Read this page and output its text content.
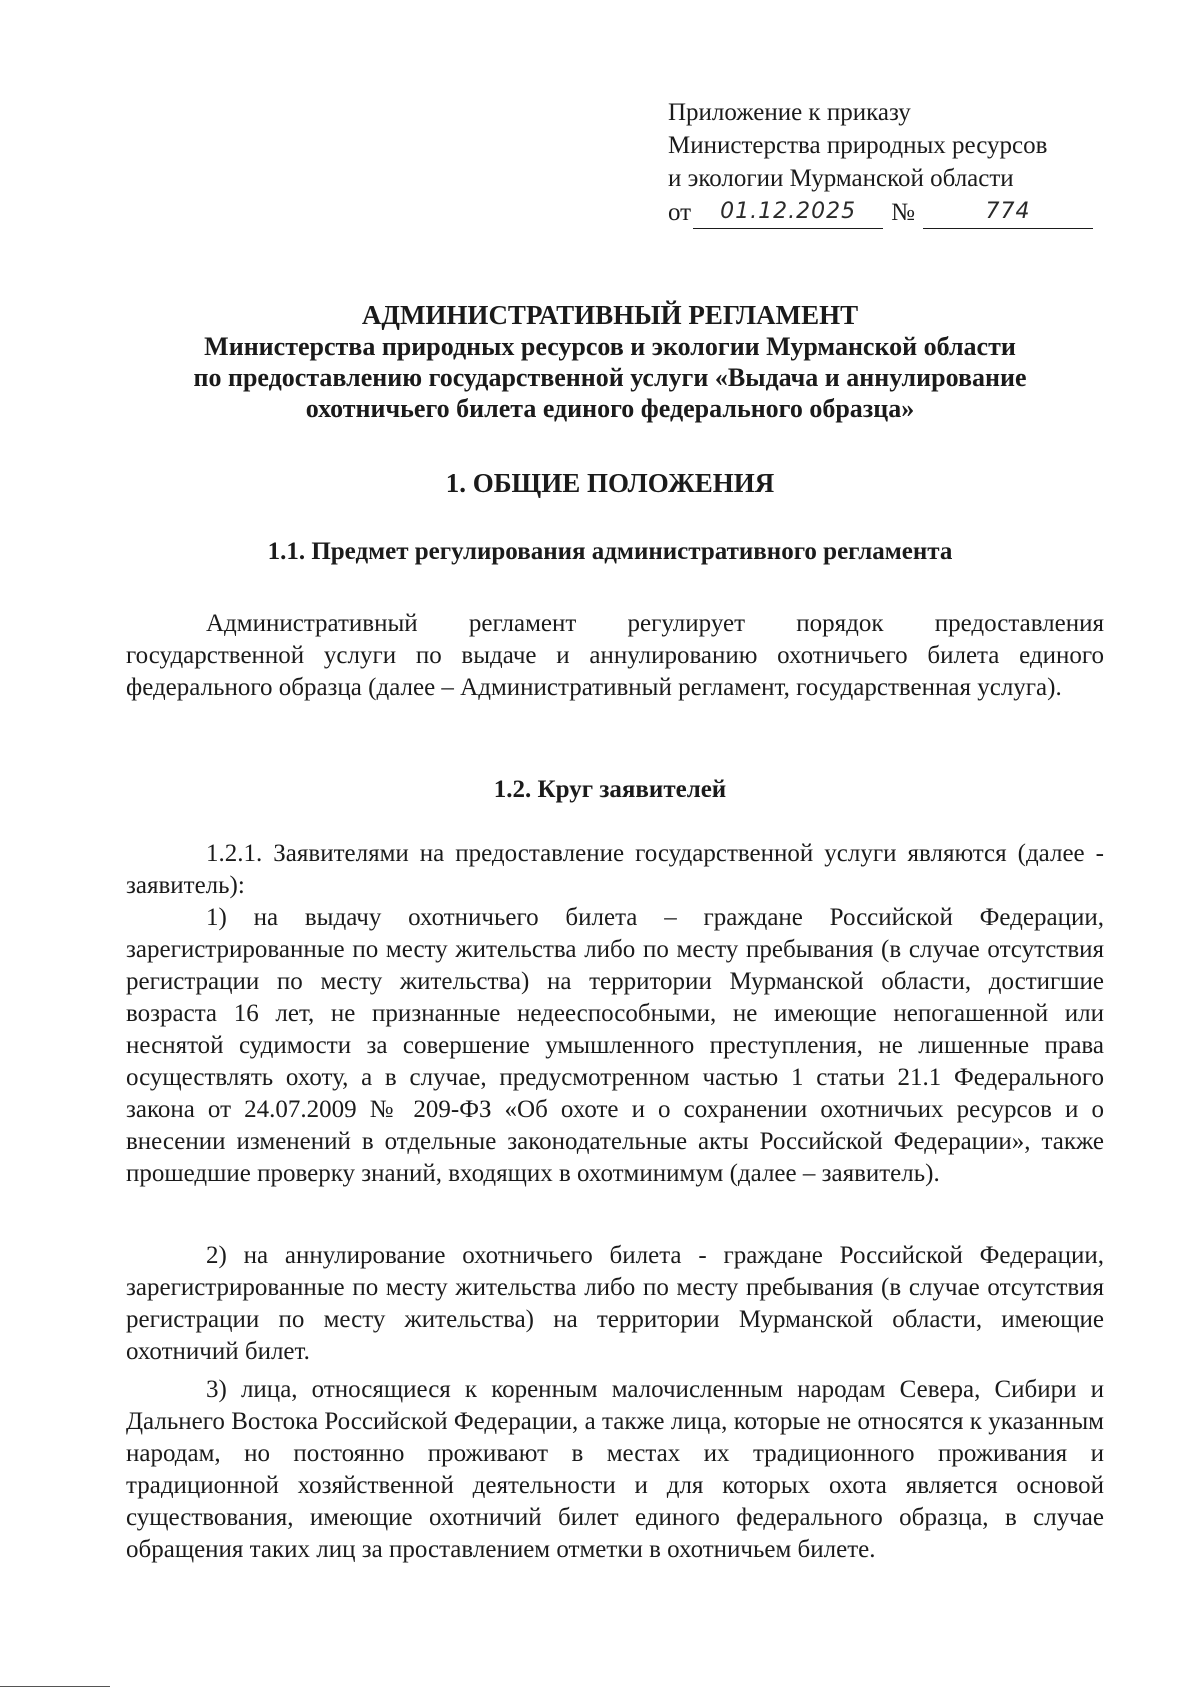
Приложение к приказу
Министерства природных ресурсов
и экологии Мурманской области
от	01.12.2025	№	774
АДМИНИСТРАТИВНЫЙ РЕГЛАМЕНТ
Министерства природных ресурсов и экологии Мурманской области
по предоставлению государственной услуги «Выдача и аннулирование
охотничьего билета единого федерального образца»
1. ОБЩИЕ ПОЛОЖЕНИЯ
1.1. Предмет регулирования административного регламента

Административный регламент регулирует порядок предоставления государственной услуги по выдаче и аннулированию охотничьего билета единого федерального образца (далее – Административный регламент, государственная услуга).

1.2. Круг заявителей

1.2.1. Заявителями на предоставление государственной услуги являются (далее - заявитель):

1) на выдачу охотничьего билета – граждане Российской Федерации, зарегистрированные по месту жительства либо по месту пребывания (в случае отсутствия регистрации по месту жительства) на территории Мурманской области, достигшие возраста 16 лет, не признанные недееспособными, не имеющие непогашенной или неснятой судимости за совершение умышленного преступления, не лишенные права осуществлять охоту, а в случае, предусмотренном частью 1 статьи 21.1 Федерального закона от 24.07.2009 № 209-ФЗ «Об охоте и о сохранении охотничьих ресурсов и о внесении изменений в отдельные законодательные акты Российской Федерации», также прошедшие проверку знаний, входящих в охотминимум (далее – заявитель).

2) на аннулирование охотничьего билета - граждане Российской Федерации, зарегистрированные по месту жительства либо по месту пребывания (в случае отсутствия регистрации по месту жительства) на территории Мурманской области, имеющие охотничий билет.

3) лица, относящиеся к коренным малочисленным народам Севера, Сибири и Дальнего Востока Российской Федерации, а также лица, которые не относятся к указанным народам, но постоянно проживают в местах их традиционного проживания и традиционной хозяйственной деятельности и для которых охота является основой существования, имеющие охотничий билет единого федерального образца, в случае обращения таких лиц за проставлением отметки в охотничьем билете.
